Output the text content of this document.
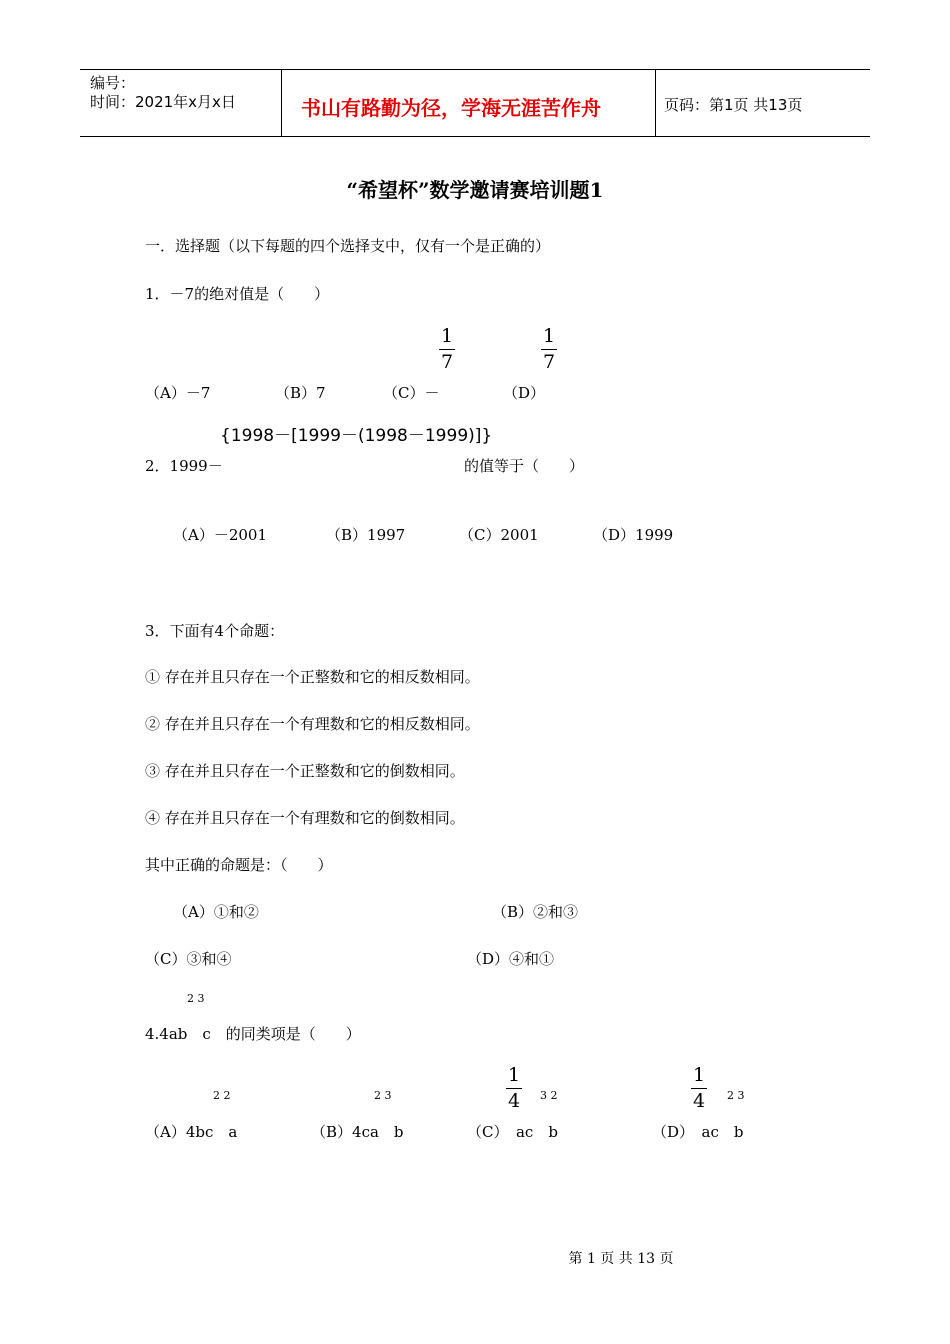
编号：
时间：2021年x月x日	书山有路勤为径，学海无涯苦作舟	页码：第1页 共13页
“希望杯”数学邀请赛培训题1
一．选择题（以下每题的四个选择支中，仅有一个是正确的）
1．－7的绝对值是（　　）
1
7
1
7
（A）－7	（B）7	（C）－	（D）
{1998－[1999－(1998－1999)]}
2．1999－	的值等于（　　）
（A）－2001	（B）1997	（C）2001	（D）1999
3．下面有4个命题：
① 存在并且只存在一个正整数和它的相反数相同。
② 存在并且只存在一个有理数和它的相反数相同。
③ 存在并且只存在一个正整数和它的倒数相同。
④ 存在并且只存在一个有理数和它的倒数相同。
其中正确的命题是：（　　）
（A）①和②	（B）②和③
（C）③和④	（D）④和①
2 3
4.4ab　c　的同类项是（　　）
1
4
1
4
2 2	2 3	3 2	2 3
（A）4bc　a	（B）4ca　b	（C）　ac　b	（D）　ac　b
第 1 页 共 13 页
